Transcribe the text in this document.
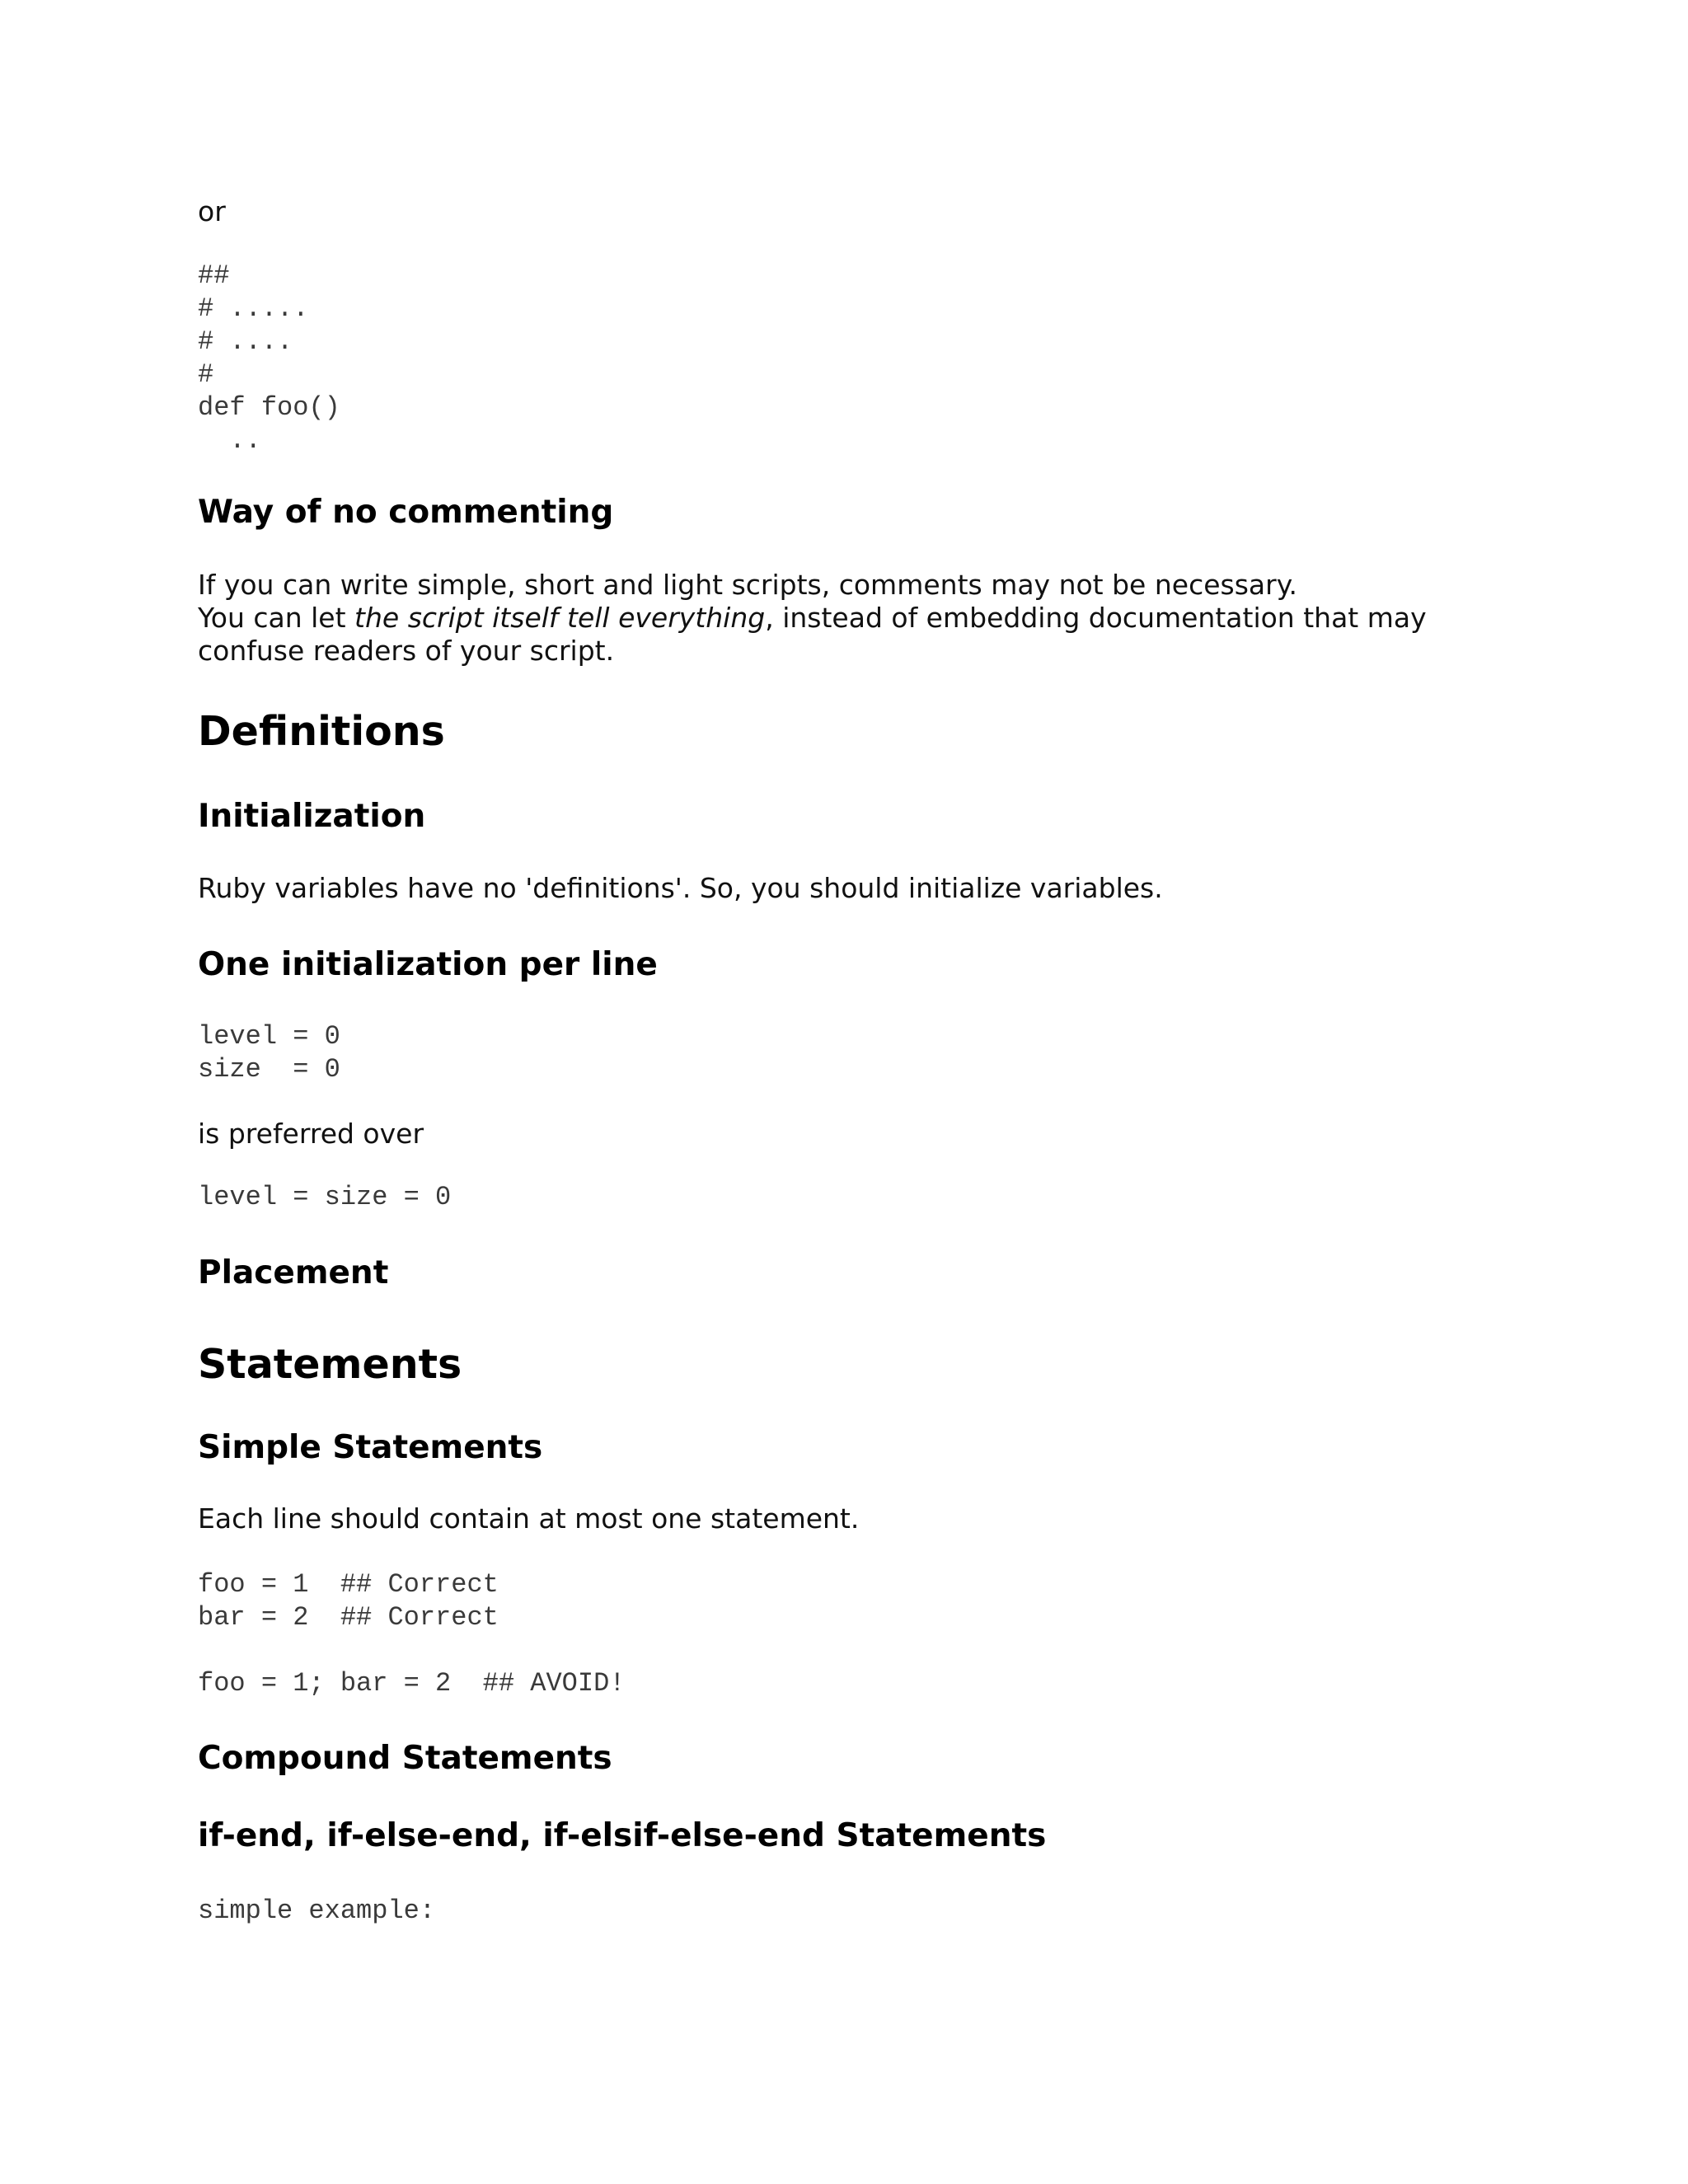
or

##
# .....
# ....
#
def foo()
..
Way of no commenting
If you can write simple, short and light scripts, comments may not be necessary.
You can let the script itself tell everything, instead of embedding documentation that may
confuse readers of your script.
Definitions
Initialization

Ruby variables have no 'definitions'. So, you should initialize variables.

One initialization per line
level = 0
size  = 0

is preferred over

level = size = 0
Placement
Statements
Simple Statements

Each line should contain at most one statement.

foo = 1  ## Correct
bar = 2  ## Correct

foo = 1; bar = 2  ## AVOID!
Compound Statements
if-end, if-else-end, if-elsif-else-end Statements
simple example:
